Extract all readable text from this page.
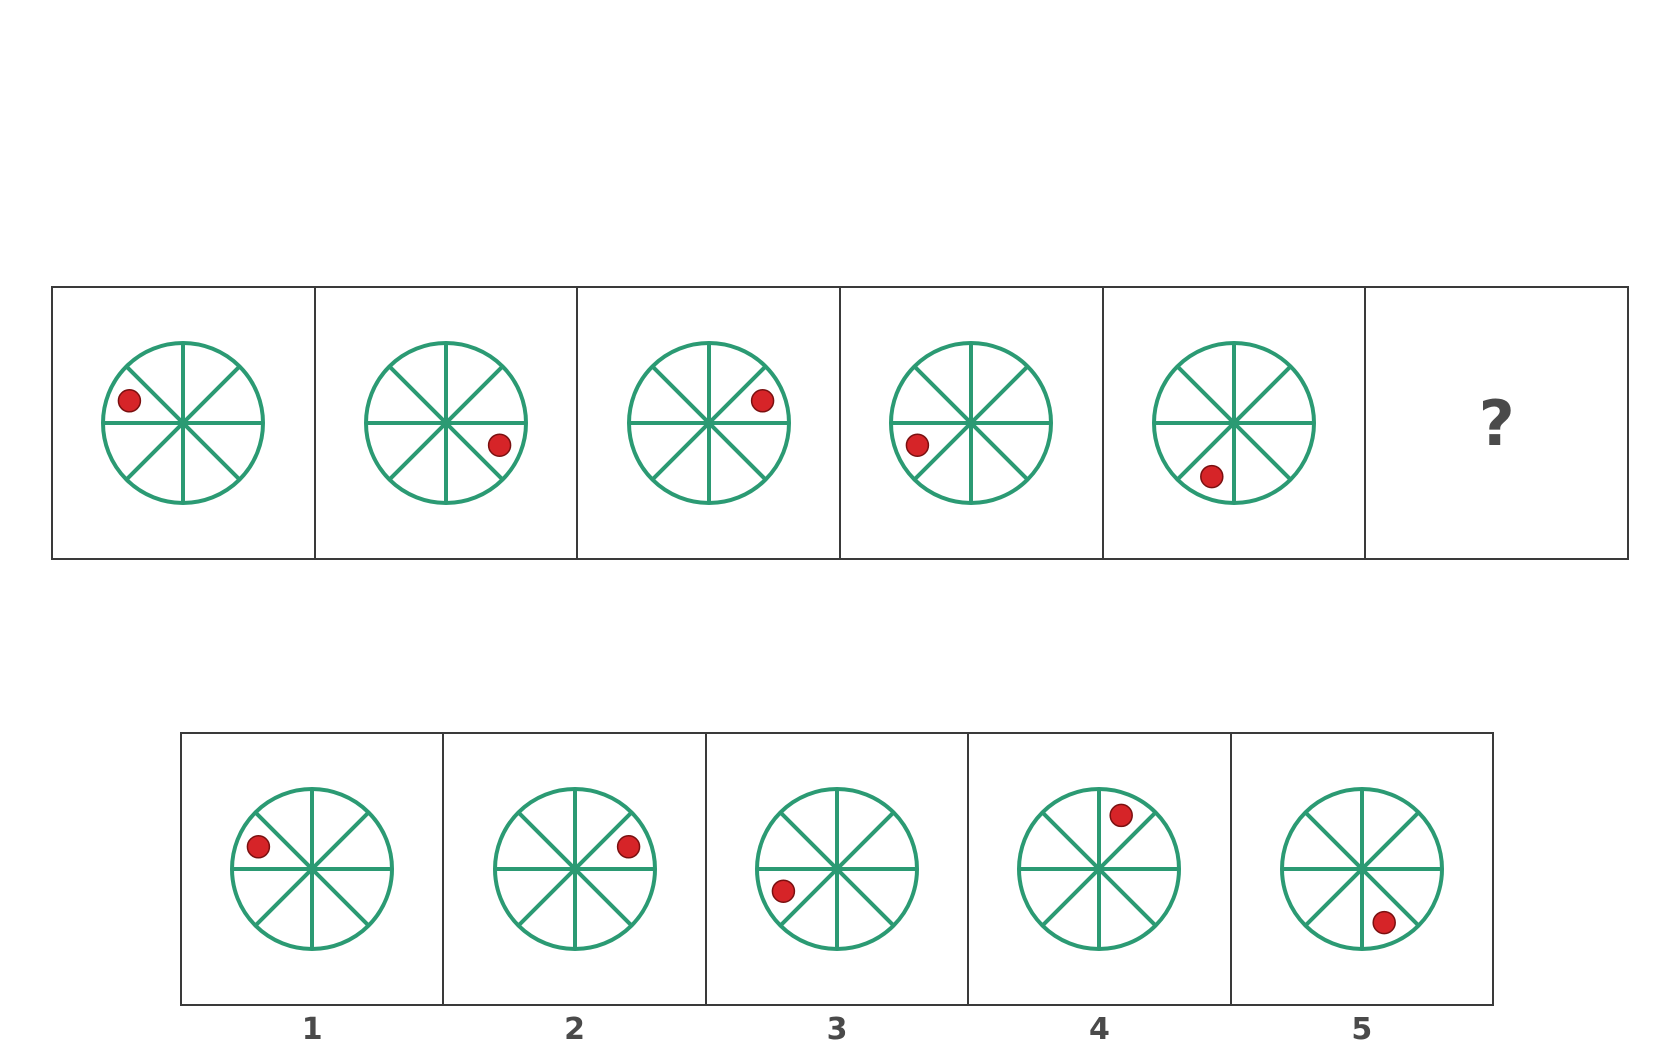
?
1	2	3	4	5
